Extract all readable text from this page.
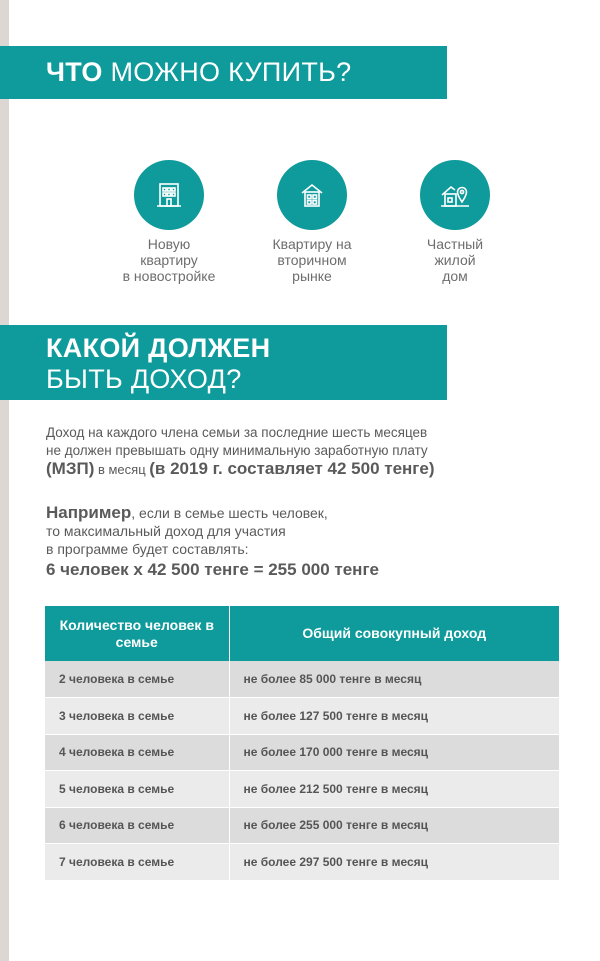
ЧТО МОЖНО КУПИТЬ?
Новую
квартиру
в новостройке
Квартиру на
вторичном
рынке
Частный
жилой
дом
КАКОЙ ДОЛЖЕН
БЫТЬ ДОХОД?
Доход на каждого члена семьи за последние шесть месяцев
не должен превышать одну минимальную заработную плату
(МЗП) в месяц (в 2019 г. составляет 42 500 тенге)
Например, если в семье шесть человек,
то максимальный доход для участия
в программе будет составлять:
6 человек х 42 500 тенге = 255 000 тенге
Количество человек в семье	Общий совокупный доход
2 человека в семье	не более 85 000 тенге в месяц
3 человека в семье	не более 127 500 тенге в месяц
4 человека в семье	не более 170 000 тенге в месяц
5 человека в семье	не более 212 500 тенге в месяц
6 человека в семье	не более 255 000 тенге в месяц
7 человека в семье	не более 297 500 тенге в месяц
